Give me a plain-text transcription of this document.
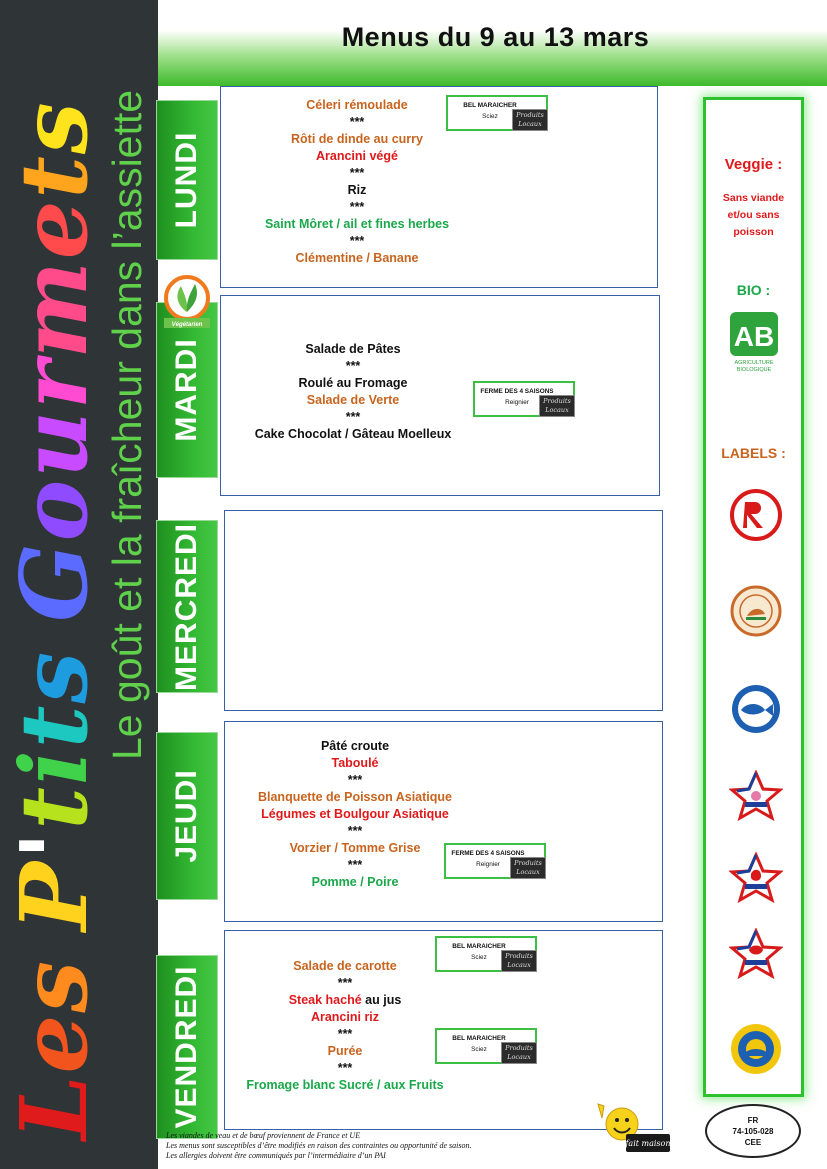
LesP'titsGourmets
Le goût et la fraîcheur dans l’assiette
Menus du 9 au 13 mars
LUNDI
MARDI
MERCREDI
JEUDI
VENDREDI
Végétarien
Céleri rémoulade
***
Rôti de dinde au curry
Arancini végé
***
Riz
***
Saint Môret / ail et fines herbes
***
Clémentine / Banane
BEL MARAICHER
Sciez	Produits Locaux
Salade de Pâtes
***
Roulé au Fromage
Salade de Verte
***
Cake Chocolat / Gâteau Moelleux
FERME DES 4 SAISONS
Reignier	Produits Locaux
Pâté croute
Taboulé
***
Blanquette de Poisson Asiatique
Légumes et Boulgour Asiatique
***
Vorzier / Tomme Grise
***
Pomme / Poire
FERME DES 4 SAISONS
Reignier	Produits Locaux
Salade de carotte
***
Steak haché au jus
Arancini riz
***
Purée
***
Fromage blanc Sucré / aux Fruits
BEL MARAICHER
Sciez	Produits Locaux
BEL MARAICHER
Sciez	Produits Locaux
Veggie :
Sans viande
et/ou sans
poisson
BIO :
AB
AGRICULTURE
BIOLOGIQUE
LABELS :
FR
74-105-028
CEE
fait maison
Les viandes de veau et de bœuf proviennent de France et UE
Les menus sont susceptibles d’être modifiés en raison des contraintes ou opportunité de saison.
Les allergies doivent être communiqués par l’intermédiaire d’un PAI
